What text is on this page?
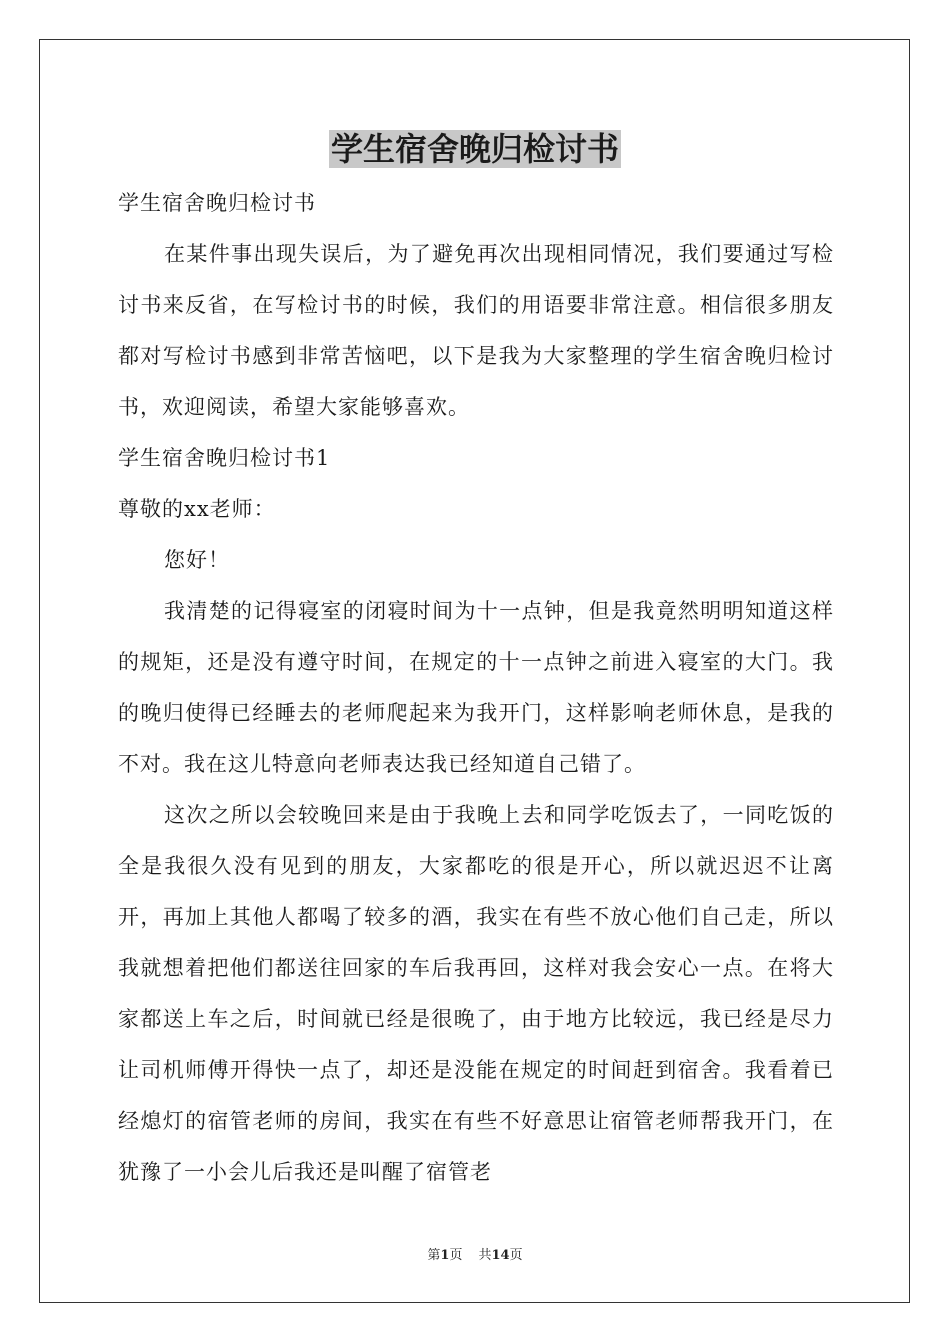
学生宿舍晚归检讨书

学生宿舍晚归检讨书

在某件事出现失误后，为了避免再次出现相同情况，我们要通过写检讨书来反省，在写检讨书的时候，我们的用语要非常注意。相信很多朋友都对写检讨书感到非常苦恼吧，以下是我为大家整理的学生宿舍晚归检讨书，欢迎阅读，希望大家能够喜欢。

学生宿舍晚归检讨书1

尊敬的xx老师：

您好！

我清楚的记得寝室的闭寝时间为十一点钟，但是我竟然明明知道这样的规矩，还是没有遵守时间，在规定的十一点钟之前进入寝室的大门。我的晚归使得已经睡去的老师爬起来为我开门，这样影响老师休息，是我的不对。我在这儿特意向老师表达我已经知道自己错了。

这次之所以会较晚回来是由于我晚上去和同学吃饭去了，一同吃饭的全是我很久没有见到的朋友，大家都吃的很是开心，所以就迟迟不让离开，再加上其他人都喝了较多的酒，我实在有些不放心他们自己走，所以我就想着把他们都送往回家的车后我再回，这样对我会安心一点。在将大家都送上车之后，时间就已经是很晚了，由于地方比较远，我已经是尽力让司机师傅开得快一点了，却还是没能在规定的时间赶到宿舍。我看着已经熄灯的宿管老师的房间，我实在有些不好意思让宿管老师帮我开门，在犹豫了一小会儿后我还是叫醒了宿管老

第1页 共14页
